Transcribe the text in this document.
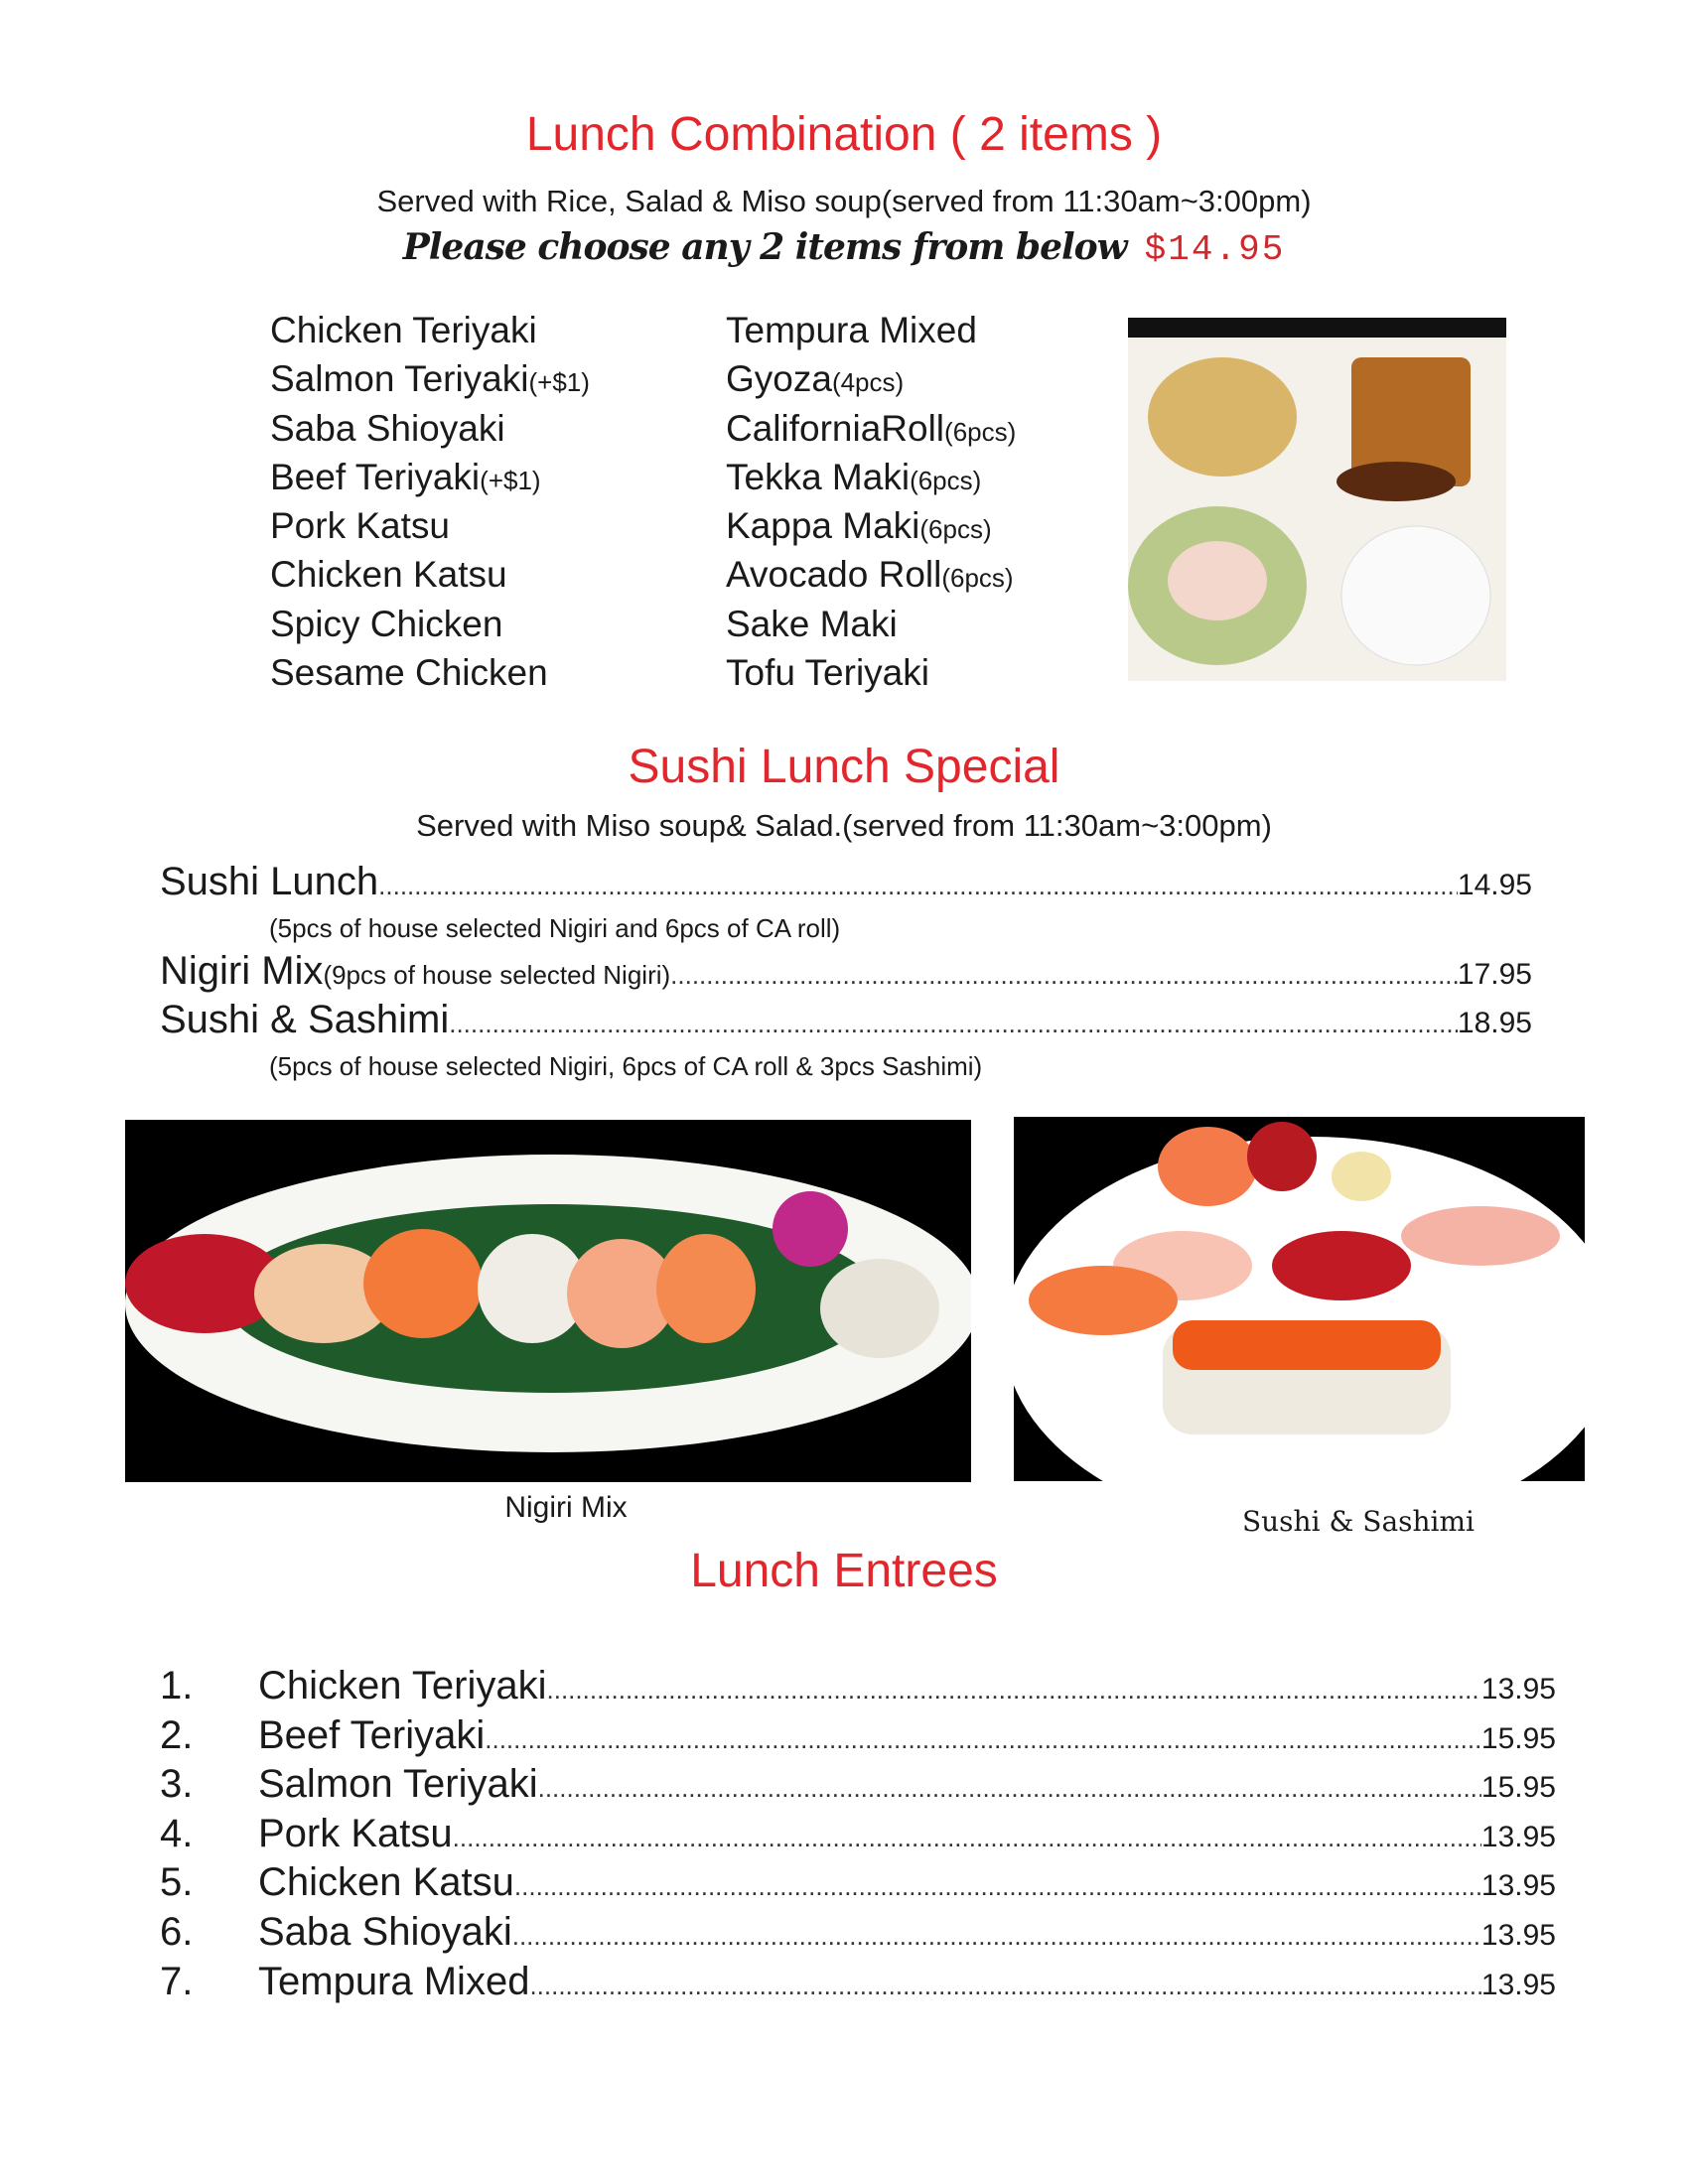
Lunch Combination ( 2 items )
Served with Rice, Salad & Miso soup(served from 11:30am~3:00pm)
Please choose any 2 items from below $14.95
Chicken Teriyaki
Salmon Teriyaki(+$1)
Saba Shioyaki
Beef Teriyaki(+$1)
Pork Katsu
Chicken Katsu
Spicy Chicken
Sesame Chicken
Tempura Mixed
Gyoza(4pcs)
CaliforniaRoll(6pcs)
Tekka Maki(6pcs)
Kappa Maki(6pcs)
Avocado Roll(6pcs)
Sake Maki
Tofu Teriyaki
Sushi Lunch Special
Served with Miso soup& Salad.(served from 11:30am~3:00pm)
Sushi Lunch .....	14.95
(5pcs of house selected Nigiri and 6pcs of CA roll)
Nigiri Mix(9pcs of house selected Nigiri) .....	17.95
Sushi & Sashimi .....	18.95
(5pcs of house selected Nigiri, 6pcs of CA roll & 3pcs Sashimi)
Nigiri Mix	Sushi & Sashimi
Lunch Entrees
1.	Chicken Teriyaki .....	13.95
2.	Beef Teriyaki .....	15.95
3.	Salmon Teriyaki .....	15.95
4.	Pork Katsu .....	13.95
5.	Chicken Katsu .....	13.95
6.	Saba Shioyaki .....	13.95
7.	Tempura Mixed .....	13.95
